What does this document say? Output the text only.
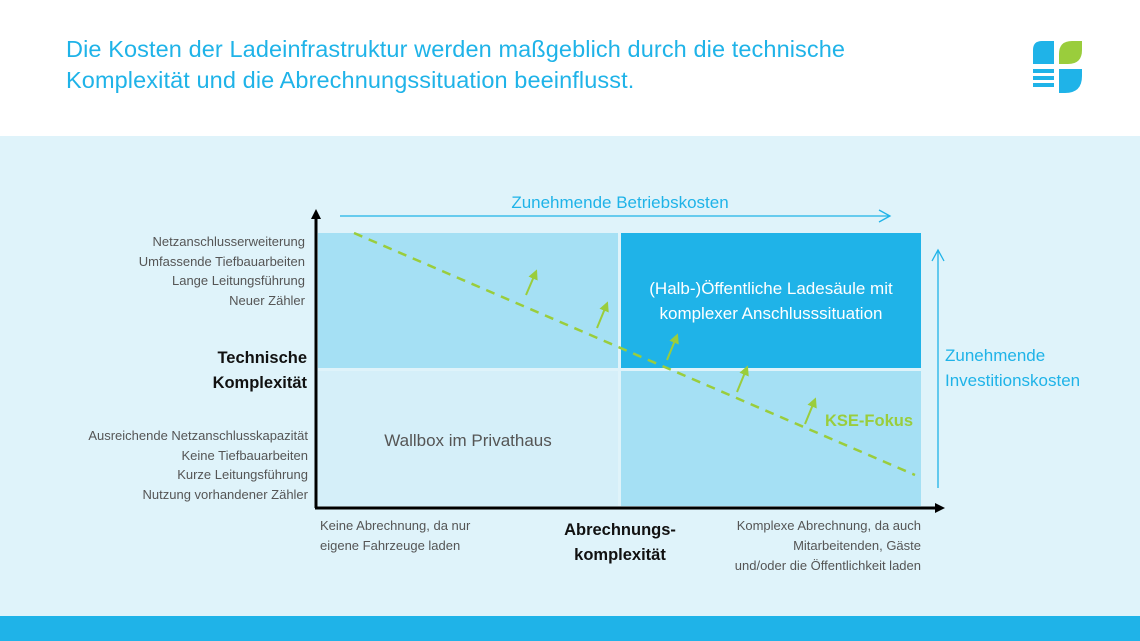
Die Kosten der Ladeinfrastruktur werden maßgeblich durch die technische
Komplexität und die Abrechnungssituation beeinflusst.
(Halb-)Öffentliche Ladesäule mit
komplexer Anschlusssituation
Wallbox im Privathaus
Netzanschlusserweiterung
Umfassende Tiefbauarbeiten
Lange Leitungsführung
Neuer Zähler
Technische
Komplexität
Ausreichende Netzanschlusskapazität
Keine Tiefbauarbeiten
Kurze Leitungsführung
Nutzung vorhandener Zähler
Keine Abrechnung, da nur
eigene Fahrzeuge laden
Abrechnungs-
komplexität
Komplexe Abrechnung, da auch
Mitarbeitenden, Gäste
und/oder die Öffentlichkeit laden
Zunehmende Betriebskosten
Zunehmende
Investitionskosten
KSE-Fokus
